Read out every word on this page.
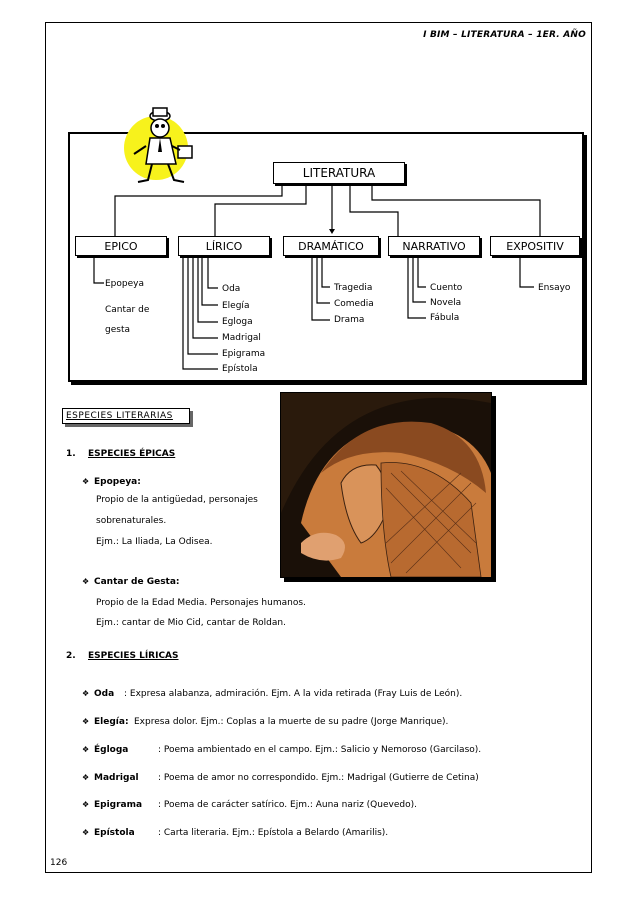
I BIM – LITERATURA – 1ER. AÑO
LITERATURA
EPICO	LÍRICO	DRAMÁTICO	NARRATIVO	EXPOSITIV
Epopeya
Cantar de
gesta
Oda
Elegía
Egloga
Madrigal
Epigrama
Epístola
Tragedia
Comedia
Drama
Cuento
Novela
Fábula
Ensayo
ESPECIES LITERARIAS
1. ESPECIES ÉPICAS
❖ Epopeya:
Propio de la antigüedad, personajes
sobrenaturales.
Ejm.: La Iliada, La Odisea.
❖ Cantar de Gesta:
Propio de la Edad Media. Personajes humanos.
Ejm.: cantar de Mio Cid, cantar de Roldan.
2. ESPECIES LÍRICAS
❖ Oda : Expresa alabanza, admiración. Ejm. A la vida retirada (Fray Luis de León).
❖ Elegía: Expresa dolor. Ejm.: Coplas a la muerte de su padre (Jorge Manrique).
❖ Égloga	: Poema ambientado en el campo. Ejm.: Salicio y Nemoroso (Garcilaso).
❖ Madrigal : Poema de amor no correspondido. Ejm.: Madrigal (Gutierre de Cetina)
❖ Epigrama : Poema de carácter satírico. Ejm.: Auna nariz (Quevedo).
❖ Epístola	: Carta literaria. Ejm.: Epístola a Belardo (Amarilis).
126
